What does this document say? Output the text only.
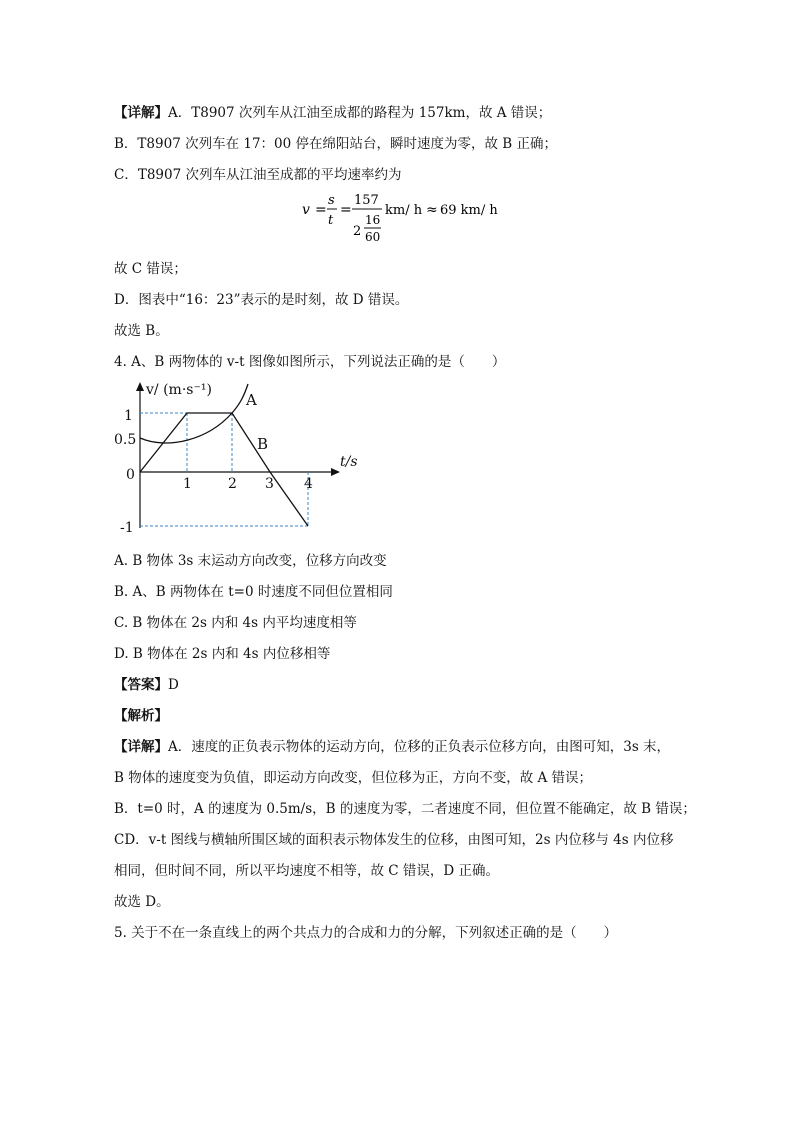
【详解】A．T8907 次列车从江油至成都的路程为 157km，故 A 错误；
B．T8907 次列车在 17：00 停在绵阳站台，瞬时速度为零，故 B 正确；
C．T8907 次列车从江油至成都的平均速率约为
v =
s
t
=
157
2
16
60
km/ h ≈ 69 km/ h
故 C 错误；
D．图表中“16：23”表示的是时刻，故 D 错误。
故选 B。
4. A、B 两物体的 v-t 图像如图所示，下列说法正确的是（　　）
v/ (m·s⁻¹)
t/s
1
0.5
0
-1
1	2 3 4
A
B
A. B 物体 3s 末运动方向改变，位移方向改变
B. A、B 两物体在 t=0 时速度不同但位置相同
C. B 物体在 2s 内和 4s 内平均速度相等
D. B 物体在 2s 内和 4s 内位移相等
【答案】D
【解析】
【详解】A．速度的正负表示物体的运动方向，位移的正负表示位移方向，由图可知，3s 末，
B 物体的速度变为负值，即运动方向改变，但位移为正，方向不变，故 A 错误；
B．t=0 时，A 的速度为 0.5m/s，B 的速度为零，二者速度不同，但位置不能确定，故 B 错误；
CD．v-t 图线与横轴所围区域的面积表示物体发生的位移，由图可知，2s 内位移与 4s 内位移
相同，但时间不同，所以平均速度不相等，故 C 错误，D 正确。
故选 D。
5. 关于不在一条直线上的两个共点力的合成和力的分解，下列叙述正确的是（　　）
